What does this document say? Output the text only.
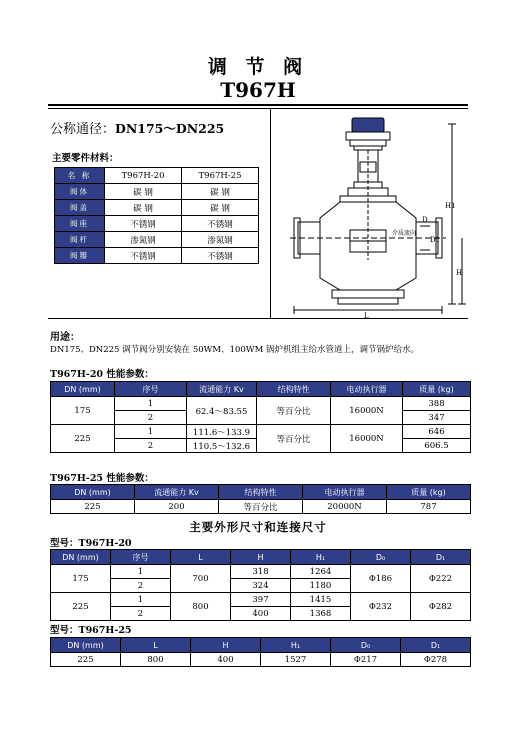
调 节 阀
T967H
公称通径：DN175～DN225
主要零件材料：
名 称	T967H-20	T967H-25
阀体	碳 钢	碳 钢
阀盖	碳 钢	碳 钢
阀座	不锈钢	不锈钢
阀杆	渗氮钢	渗氮钢
阀瓣	不锈钢	不锈钢
介质流向
H1
H
D
D1
L
用途：
DN175、DN225 调节阀分别安装在 50WM、100WM 锅炉机组主给水管道上，调节锅炉给水。
T967H-20 性能参数：
DN (mm)	序号	流通能力 Kv	结构特性	电动执行器	质量 (kg)
175	1	62.4～83.55	等百分比	16000N	388
	2				347
225	1	111.6～133.9	等百分比	16000N	646
	2	110.5～132.6			606.5
T967H-25 性能参数：
DN (mm)	流通能力 Kv	结构特性	电动执行器	质量 (kg)
225	200	等百分比	20000N	787
主要外形尺寸和连接尺寸
型号：T967H-20
DN (mm)	序号	L	H	H₁	D₀	D₁
175	1	700	318	1264	Φ186	Φ222
	2		324	1180		
225	1	800	397	1415	Φ232	Φ282
	2		400	1368		
型号：T967H-25
DN (mm)	L	H	H₁	D₀	D₁
225	800	400	1527	Φ217	Φ278
